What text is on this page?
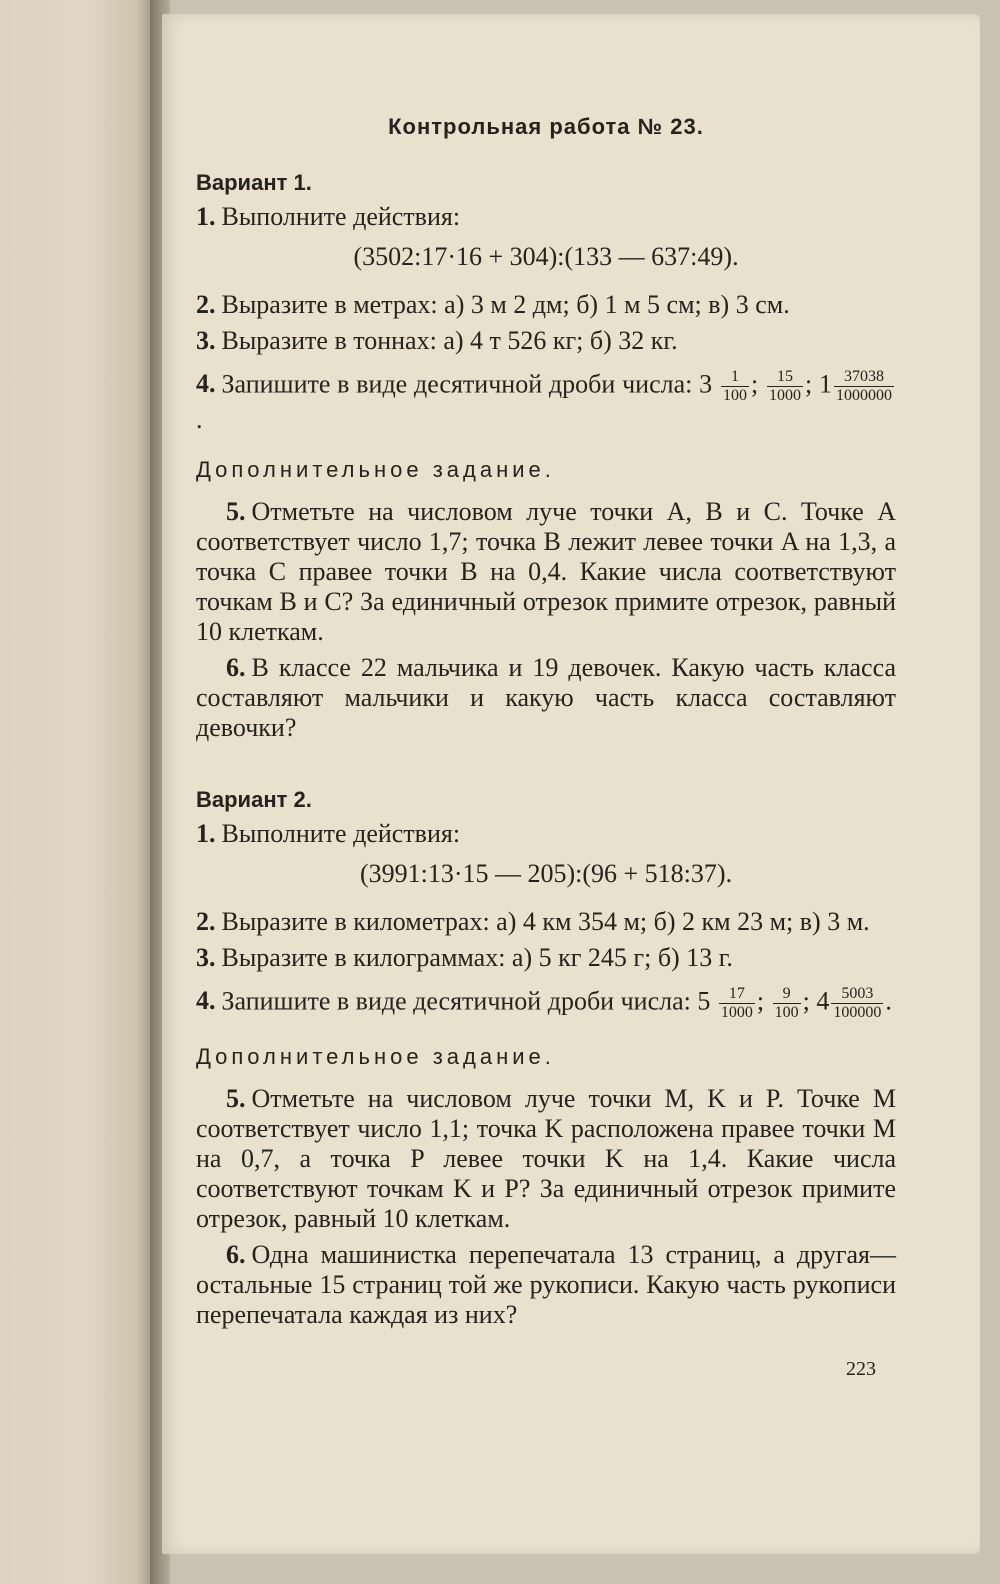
Контрольная работа № 23.
Вариант 1.
1. Выполните действия:
(3502:17·16 + 304):(133 — 637:49).
2. Выразите в метрах: а) 3 м 2 дм; б) 1 м 5 см; в) 3 см.
3. Выразите в тоннах: а) 4 т 526 кг; б) 32 кг.
4. Запишите в виде десятичной дроби числа: $3 \frac{1}{100}$ ; $\frac{15}{1000}$ ; $1 \frac{37038}{1000000}$
.
Дополнительное задание.
5. Отметьте на числовом луче точки A, B и C. Точке A соответствует число 1,7; точка B лежит левее точки A на 1,3, а точка C правее точки B на 0,4. Какие числа соответствуют точкам B и C? За единичный отрезок примите отрезок, равный 10 клеткам.
6. В классе 22 мальчика и 19 девочек. Какую часть класса составляют мальчики и какую часть класса составляют девочки?
Вариант 2.
1. Выполните действия:
(3991:13·15 — 205):(96 + 518:37).
2. Выразите в километрах: а) 4 км 354 м; б) 2 км 23 м; в) 3 м.
3. Выразите в килограммах: а) 5 кг 245 г; б) 13 г.
4. Запишите в виде десятичной дроби числа: $5 \frac{17}{1000}$ ; $\frac{9}{100}$ ; $4 \frac{5003}{100000}$ .
Дополнительное задание.
5. Отметьте на числовом луче точки M, K и P. Точке M соответствует число 1,1; точка K расположена правее точки M на 0,7, а точка P левее точки K на 1,4. Какие числа соответствуют точкам K и P? За единичный отрезок примите отрезок, равный 10 клеткам.
6. Одна машинистка перепечатала 13 страниц, а другая—остальные 15 страниц той же рукописи. Какую часть рукописи перепечатала каждая из них?
223
